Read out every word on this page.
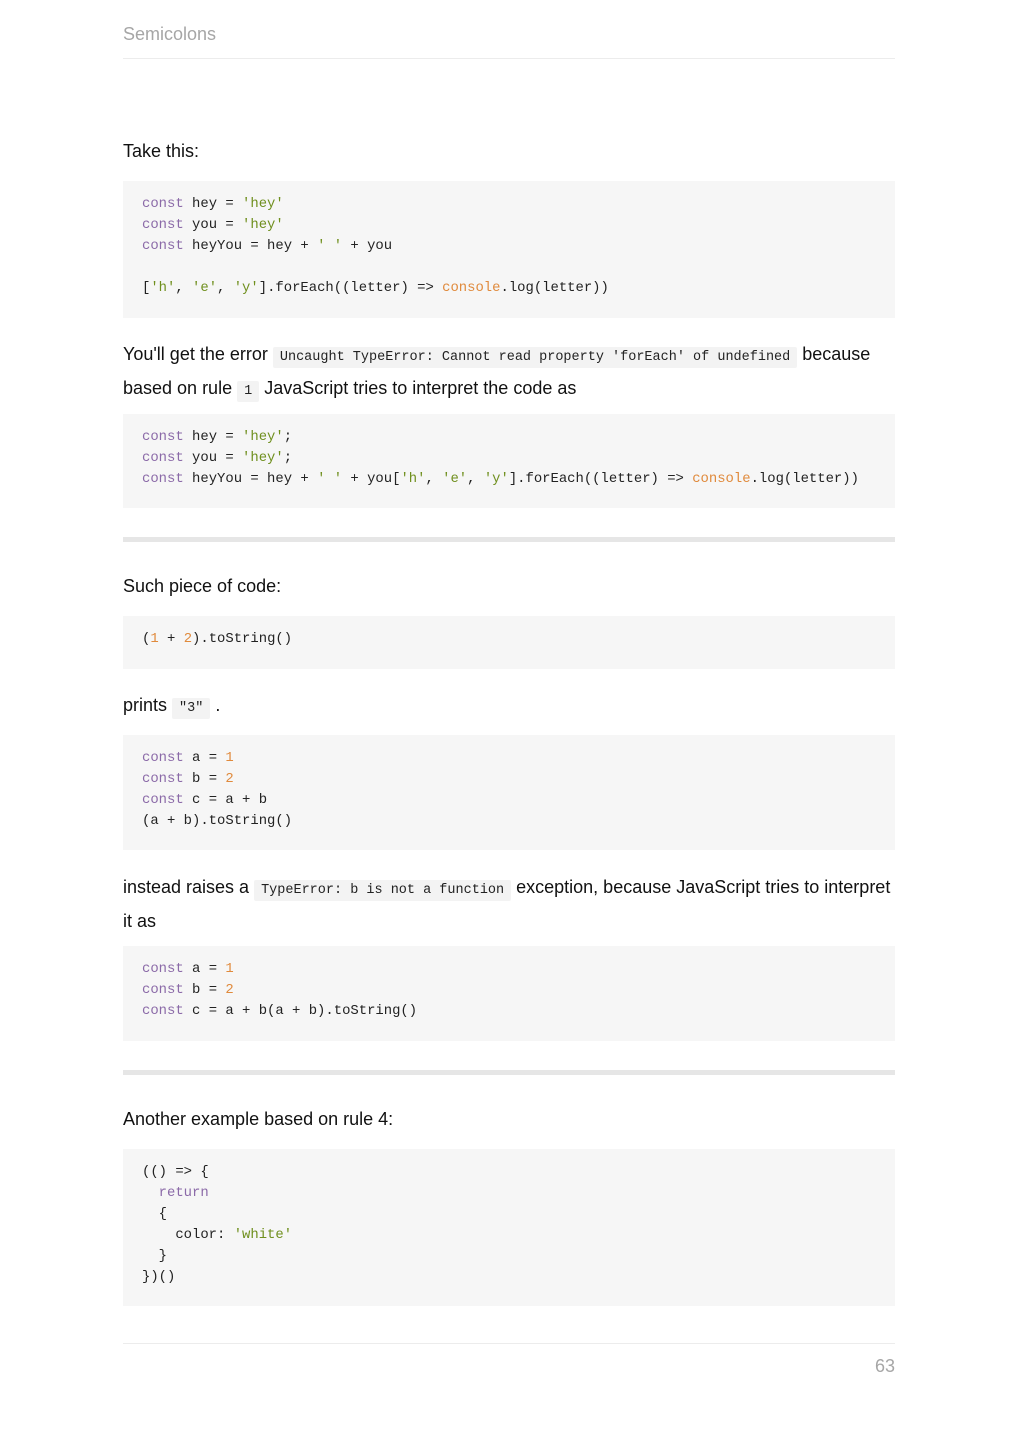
Semicolons
Take this:
const hey = 'hey'
const you = 'hey'
const heyYou = hey + ' ' + you
['h', 'e', 'y'].forEach((letter) => console.log(letter))
You'll get the error Uncaught TypeError: Cannot read property 'forEach' of undefined because based on rule 1 JavaScript tries to interpret the code as
const hey = 'hey';
const you = 'hey';
const heyYou = hey + ' ' + you['h', 'e', 'y'].forEach((letter) => console.log(letter))
Such piece of code:
(1 + 2).toString()
prints "3" .
const a = 1
const b = 2
const c = a + b
(a + b).toString()
instead raises a TypeError: b is not a function exception, because JavaScript tries to interpret it as
const a = 1
const b = 2
const c = a + b(a + b).toString()
Another example based on rule 4:
(() => {
return
{
color: 'white'
}
})()
63
